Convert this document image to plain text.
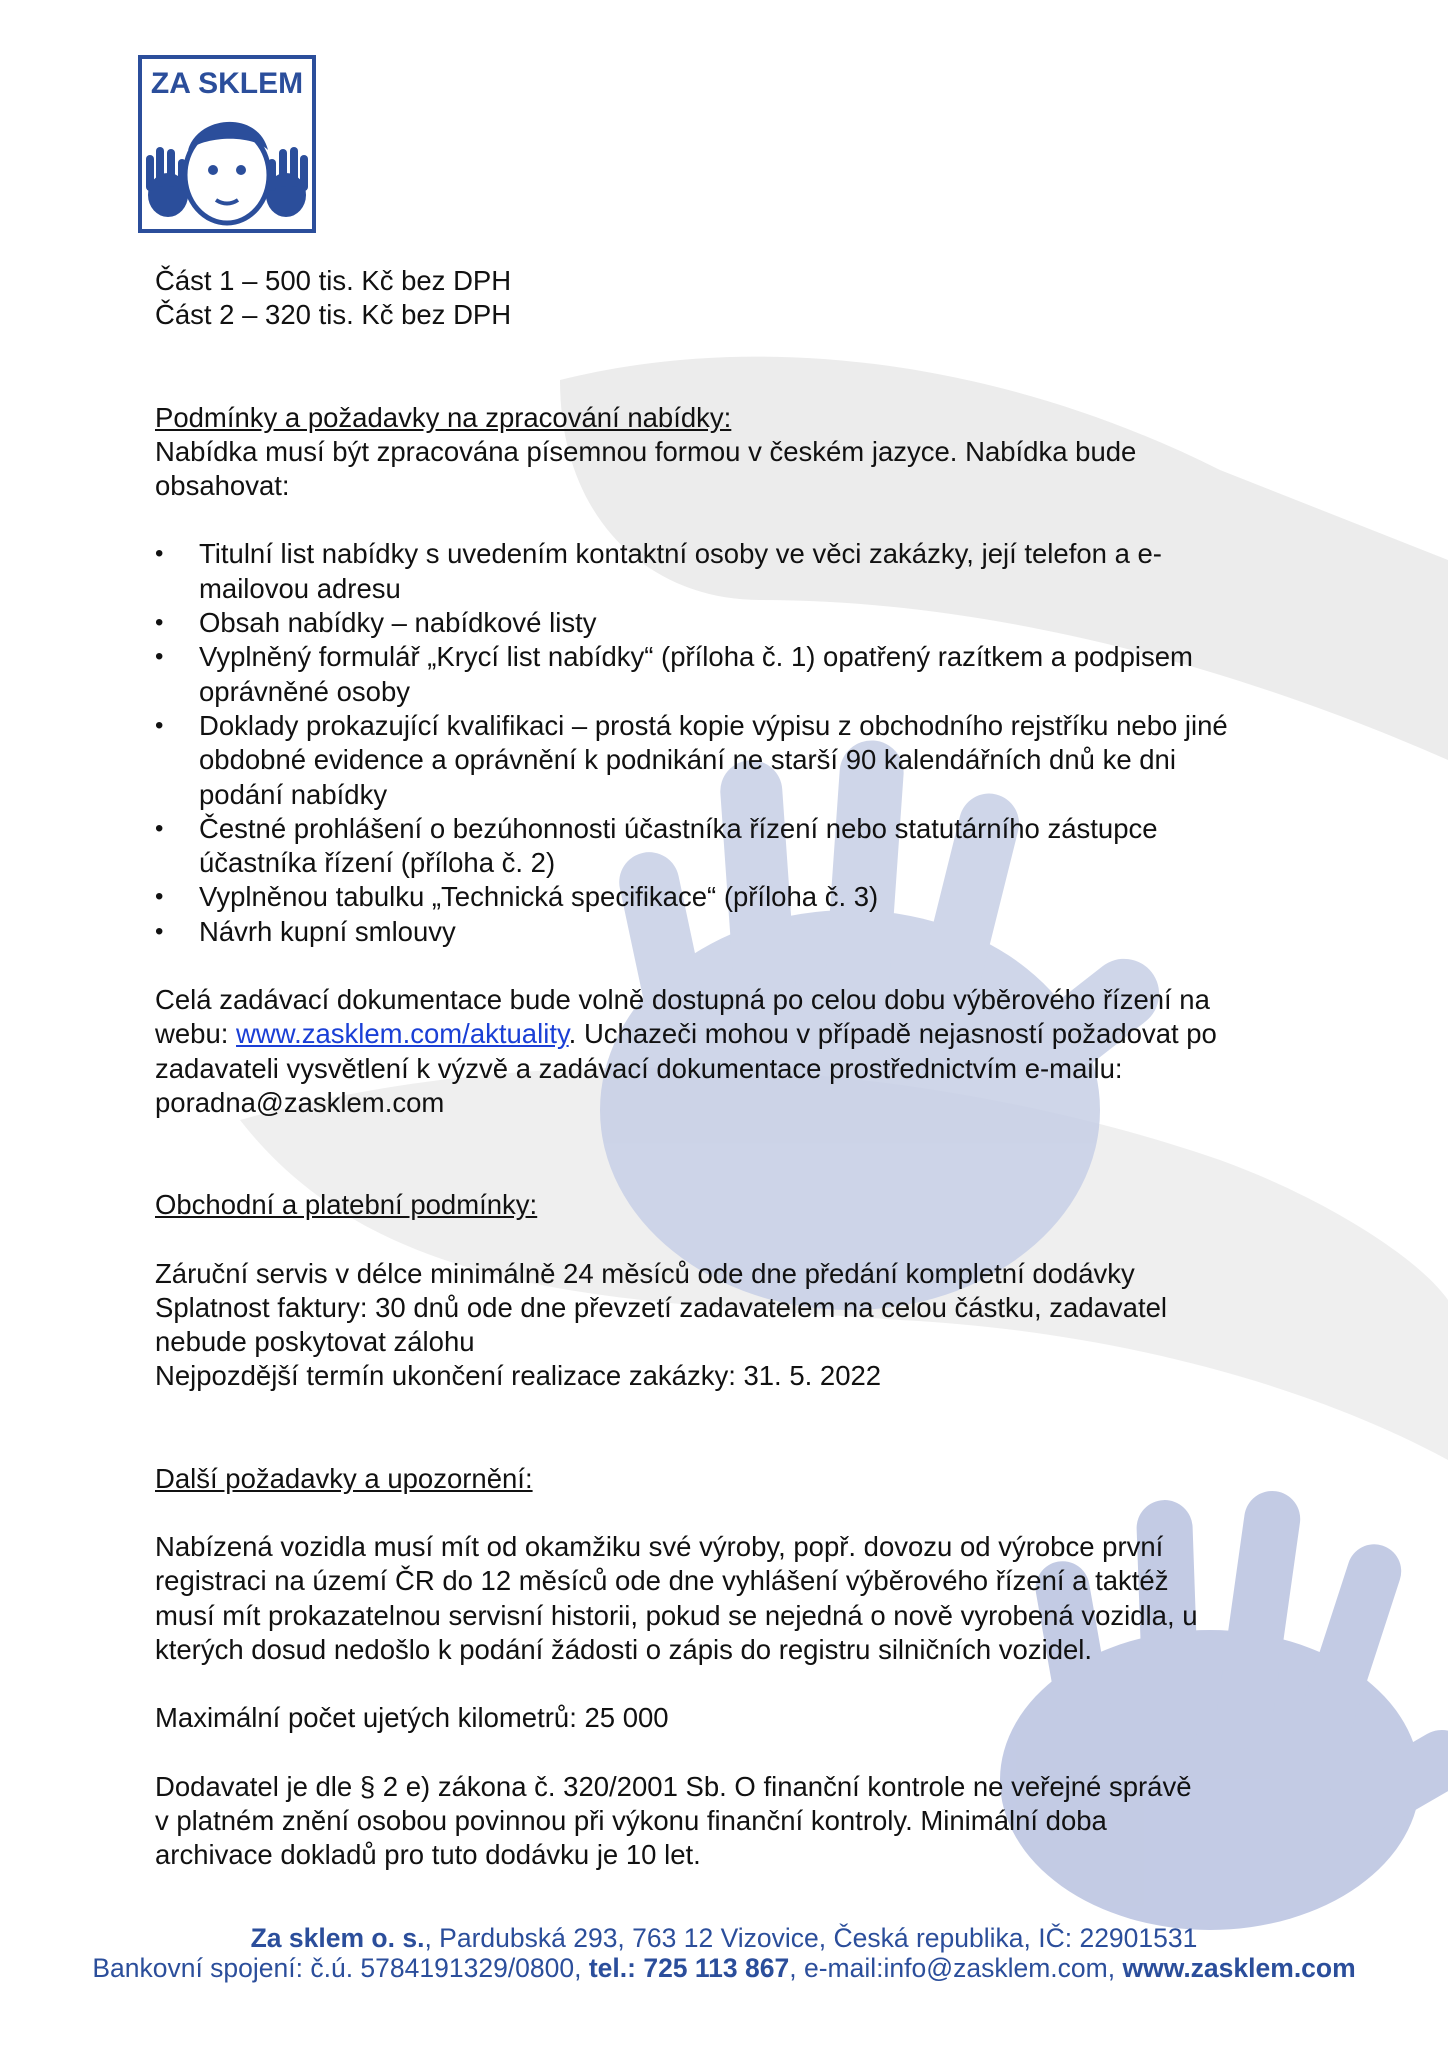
ZA SKLEM

Část 1 – 500 tis. Kč bez DPH

Část 2 – 320 tis. Kč bez DPH

Podmínky a požadavky na zpracování nabídky:

Nabídka musí být zpracována písemnou formou v českém jazyce. Nabídka bude

obsahovat:

• Titulní list nabídky s uvedením kontaktní osoby ve věci zakázky, její telefon a e-
mailovou adresu
• Obsah nabídky – nabídkové listy
• Vyplněný formulář „Krycí list nabídky“ (příloha č. 1) opatřený razítkem a podpisem
oprávněné osoby
• Doklady prokazující kvalifikaci – prostá kopie výpisu z obchodního rejstříku nebo jiné
obdobné evidence a oprávnění k podnikání ne starší 90 kalendářních dnů ke dni
podání nabídky
• Čestné prohlášení o bezúhonnosti účastníka řízení nebo statutárního zástupce
účastníka řízení (příloha č. 2)
• Vyplněnou tabulku „Technická specifikace“ (příloha č. 3)
• Návrh kupní smlouvy

Celá zadávací dokumentace bude volně dostupná po celou dobu výběrového řízení na

webu: www.zasklem.com/aktuality. Uchazeči mohou v případě nejasností požadovat po

zadavateli vysvětlení k výzvě a zadávací dokumentace prostřednictvím e-mailu:

poradna@zasklem.com

Obchodní a platební podmínky:

Záruční servis v délce minimálně 24 měsíců ode dne předání kompletní dodávky

Splatnost faktury: 30 dnů ode dne převzetí zadavatelem na celou částku, zadavatel

nebude poskytovat zálohu

Nejpozdější termín ukončení realizace zakázky: 31. 5. 2022

Další požadavky a upozornění:

Nabízená vozidla musí mít od okamžiku své výroby, popř. dovozu od výrobce první

registraci na území ČR do 12 měsíců ode dne vyhlášení výběrového řízení a taktéž

musí mít prokazatelnou servisní historii, pokud se nejedná o nově vyrobená vozidla, u

kterých dosud nedošlo k podání žádosti o zápis do registru silničních vozidel.

Maximální počet ujetých kilometrů: 25 000

Dodavatel je dle § 2 e) zákona č. 320/2001 Sb. O finanční kontrole ne veřejné správě

v platném znění osobou povinnou při výkonu finanční kontroly. Minimální doba

archivace dokladů pro tuto dodávku je 10 let.

Za sklem o. s., Pardubská 293, 763 12 Vizovice, Česká republika, IČ: 22901531
Bankovní spojení: č.ú. 5784191329/0800, tel.: 725 113 867, e-mail:info@zasklem.com, www.zasklem.com
